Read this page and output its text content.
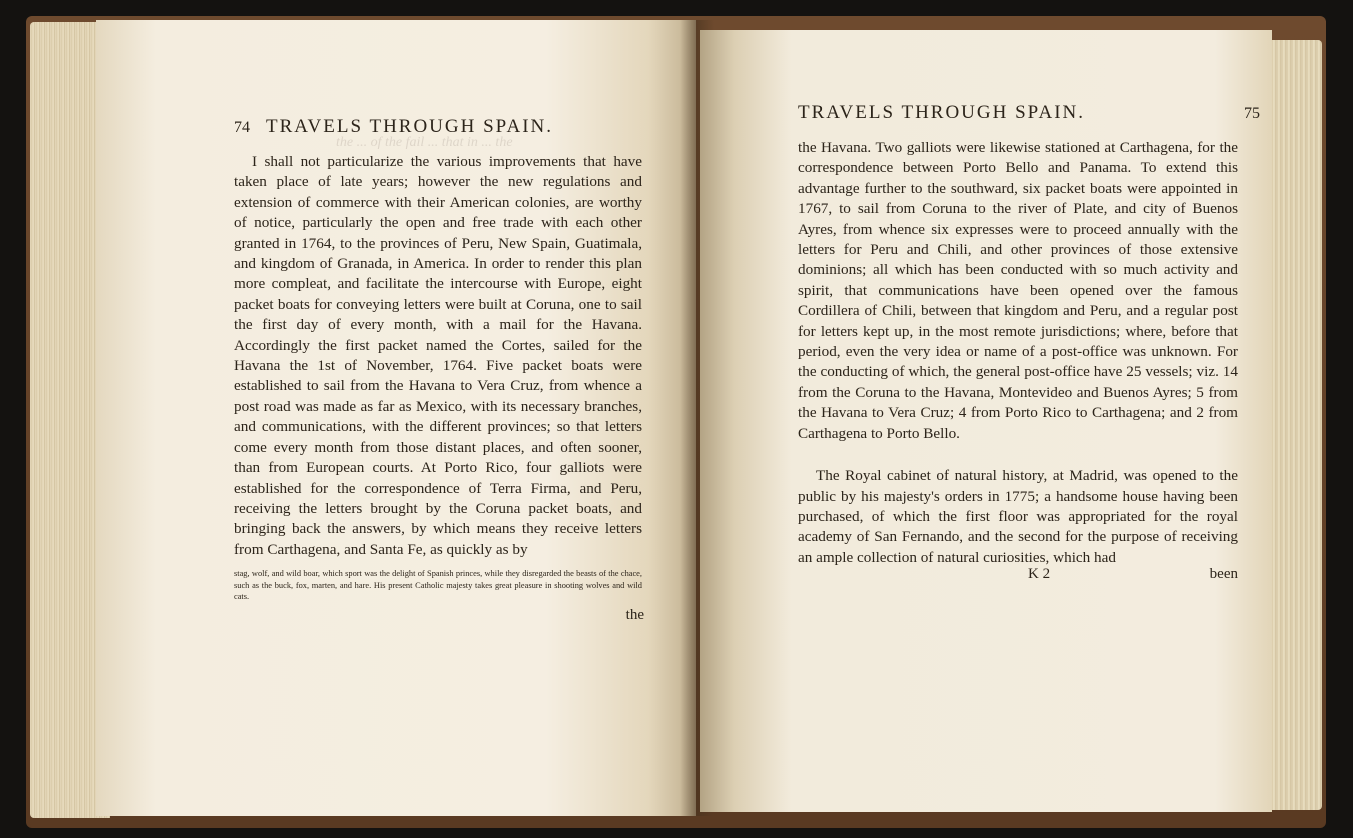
the ... of the fail ... that in ... the
74 TRAVELS THROUGH SPAIN.
I shall not particularize the various improvements that have taken place of late years; however the new regulations and extension of commerce with their American colonies, are worthy of notice, particularly the open and free trade with each other granted in 1764, to the provinces of Peru, New Spain, Guatimala, and kingdom of Granada, in America. In order to render this plan more compleat, and facilitate the intercourse with Europe, eight packet boats for conveying letters were built at Coruna, one to sail the first day of every month, with a mail for the Havana. Accordingly the first packet named the Cortes, sailed for the Havana the 1st of November, 1764. Five packet boats were established to sail from the Havana to Vera Cruz, from whence a post road was made as far as Mexico, with its necessary branches, and communications, with the different provinces; so that letters come every month from those distant places, and often sooner, than from European courts. At Porto Rico, four galliots were established for the correspondence of Terra Firma, and Peru, receiving the letters brought by the Coruna packet boats, and bringing back the answers, by which means they receive letters from Carthagena, and Santa Fe, as quickly as by
stag, wolf, and wild boar, which sport was the delight of Spanish princes, while they disregarded the beasts of the chace, such as the buck, fox, marten, and hare. His present Catholic majesty takes great pleasure in shooting wolves and wild cats.
the
TRAVELS THROUGH SPAIN.	75
the Havana. Two galliots were likewise stationed at Carthagena, for the correspondence between Porto Bello and Panama. To extend this advantage further to the southward, six packet boats were appointed in 1767, to sail from Coruna to the river of Plate, and city of Buenos Ayres, from whence six expresses were to proceed annually with the letters for Peru and Chili, and other provinces of those extensive dominions; all which has been conducted with so much activity and spirit, that communications have been opened over the famous Cordillera of Chili, between that kingdom and Peru, and a regular post for letters kept up, in the most remote jurisdictions; where, before that period, even the very idea or name of a post-office was unknown. For the conducting of which, the general post-office have 25 vessels; viz. 14 from the Coruna to the Havana, Montevideo and Buenos Ayres; 5 from the Havana to Vera Cruz; 4 from Porto Rico to Carthagena; and 2 from Carthagena to Porto Bello.
The Royal cabinet of natural history, at Madrid, was opened to the public by his majesty's orders in 1775; a handsome house having been purchased, of which the first floor was appropriated for the royal academy of San Fernando, and the second for the purpose of receiving an ample collection of natural curiosities, which had
K 2	been
